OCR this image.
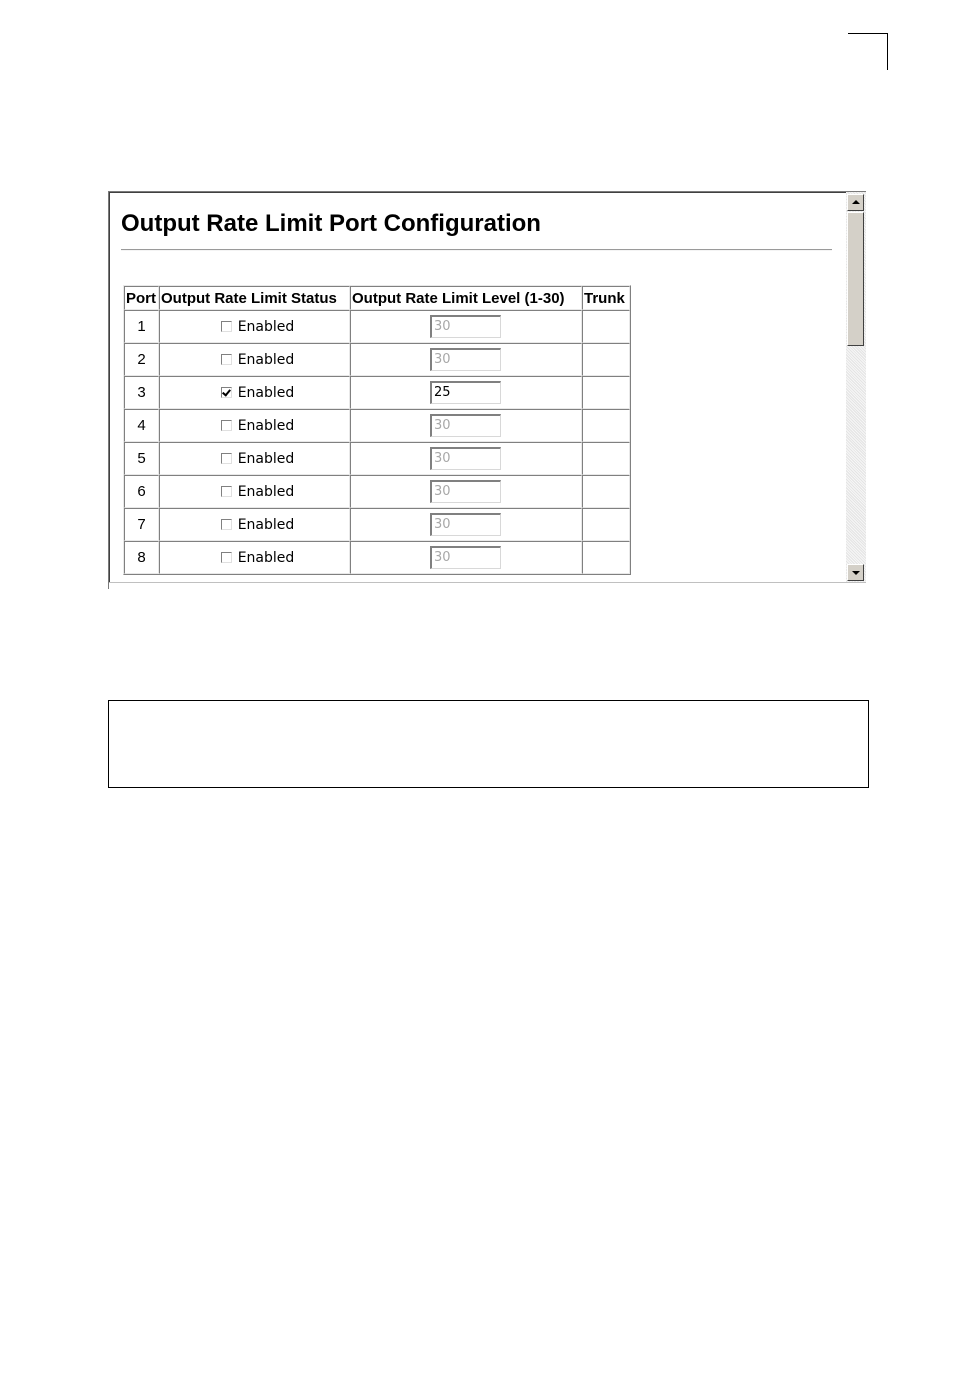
Output Rate Limit Port Configuration
Port	Output Rate Limit Status	Output Rate Limit Level (1-30)	Trunk
1	Enabled	30	

2	Enabled	30	

3	Enabled	25	

4	Enabled	30	

5	Enabled	30	

6	Enabled	30	

7	Enabled	30	

8	Enabled	30	
